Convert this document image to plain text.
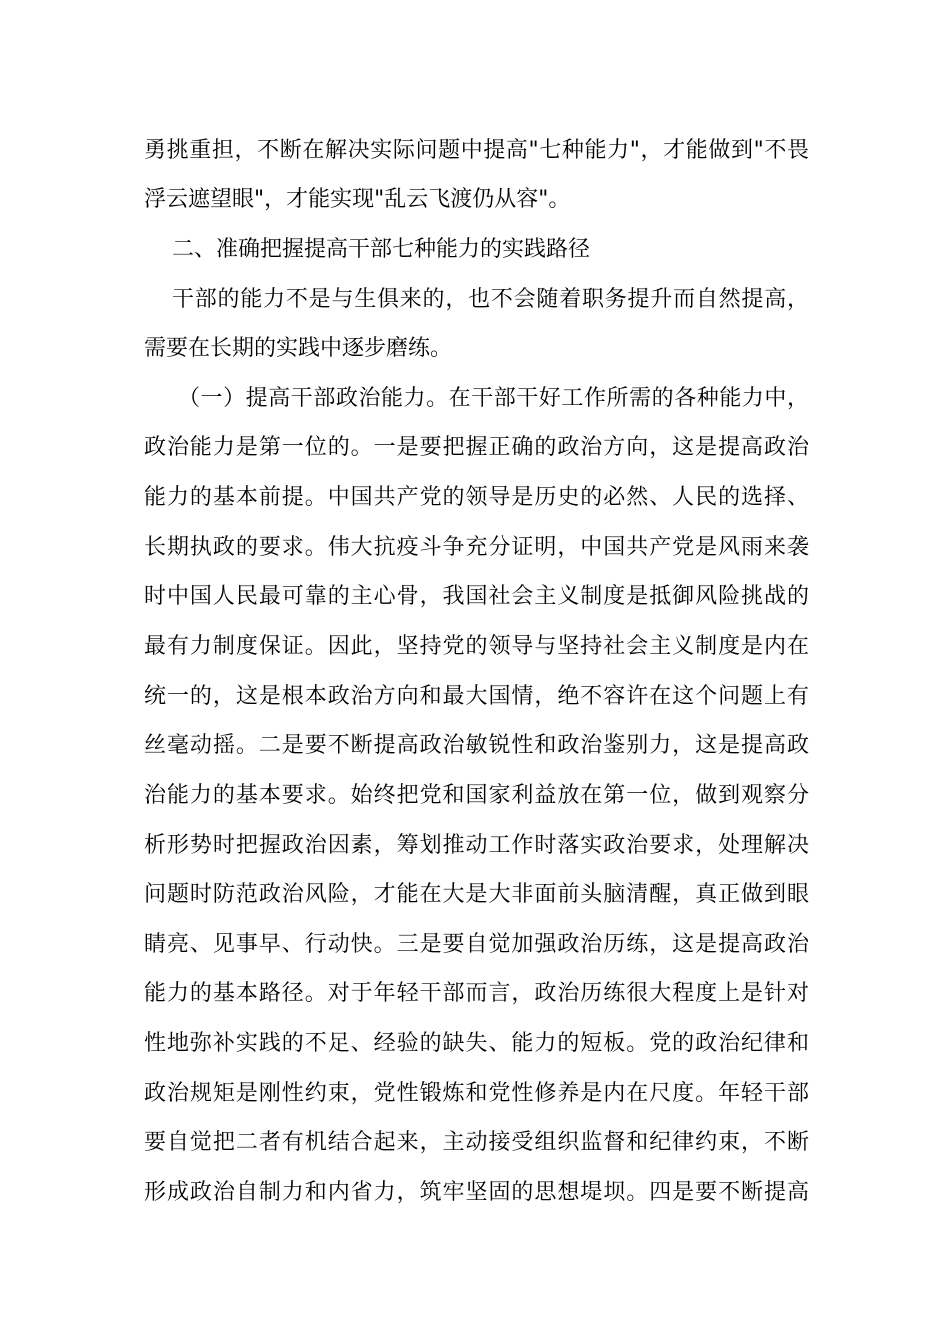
勇挑重担，不断在解决实际问题中提高"七种能力"，才能做到"不畏
浮云遮望眼"，才能实现"乱云飞渡仍从容"。
二、准确把握提高干部七种能力的实践路径
干部的能力不是与生俱来的，也不会随着职务提升而自然提高，
需要在长期的实践中逐步磨练。
（一）提高干部政治能力。在干部干好工作所需的各种能力中，
政治能力是第一位的。一是要把握正确的政治方向，这是提高政治
能力的基本前提。中国共产党的领导是历史的必然、人民的选择、
长期执政的要求。伟大抗疫斗争充分证明，中国共产党是风雨来袭
时中国人民最可靠的主心骨，我国社会主义制度是抵御风险挑战的
最有力制度保证。因此，坚持党的领导与坚持社会主义制度是内在
统一的，这是根本政治方向和最大国情，绝不容许在这个问题上有
丝毫动摇。二是要不断提高政治敏锐性和政治鉴别力，这是提高政
治能力的基本要求。始终把党和国家利益放在第一位，做到观察分
析形势时把握政治因素，筹划推动工作时落实政治要求，处理解决
问题时防范政治风险，才能在大是大非面前头脑清醒，真正做到眼
睛亮、见事早、行动快。三是要自觉加强政治历练，这是提高政治
能力的基本路径。对于年轻干部而言，政治历练很大程度上是针对
性地弥补实践的不足、经验的缺失、能力的短板。党的政治纪律和
政治规矩是刚性约束，党性锻炼和党性修养是内在尺度。年轻干部
要自觉把二者有机结合起来，主动接受组织监督和纪律约束，不断
形成政治自制力和内省力，筑牢坚固的思想堤坝。四是要不断提高
